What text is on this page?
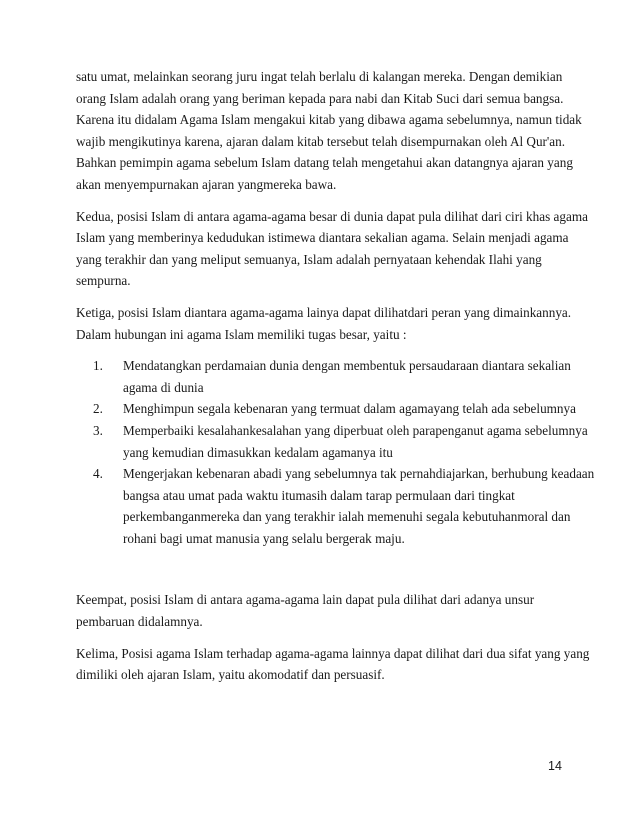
satu umat, melainkan seorang juru ingat telah berlalu di kalangan mereka. Dengan demikian
orang Islam adalah orang yang beriman kepada para nabi dan Kitab Suci dari semua bangsa.
Karena itu didalam Agama Islam mengakui kitab yang dibawa agama sebelumnya, namun tidak
wajib mengikutinya karena, ajaran dalam kitab tersebut telah disempurnakan oleh Al Qur'an.
Bahkan pemimpin agama sebelum Islam datang telah mengetahui akan datangnya ajaran yang
akan menyempurnakan ajaran yangmereka bawa.

Kedua, posisi Islam di antara agama-agama besar di dunia dapat pula dilihat dari ciri khas agama
Islam yang memberinya kedudukan istimewa diantara sekalian agama. Selain menjadi agama
yang terakhir dan yang meliput semuanya, Islam adalah pernyataan kehendak Ilahi yang
sempurna.

Ketiga, posisi Islam diantara agama-agama lainya dapat dilihatdari peran yang dimainkannya.
Dalam hubungan ini agama Islam memiliki tugas besar, yaitu :

1. Mendatangkan perdamaian dunia dengan membentuk persaudaraan diantara sekalian
agama di dunia
2. Menghimpun segala kebenaran yang termuat dalam agamayang telah ada sebelumnya
3. Memperbaiki kesalahankesalahan yang diperbuat oleh parapenganut agama sebelumnya
yang kemudian dimasukkan kedalam agamanya itu
4. Mengerjakan kebenaran abadi yang sebelumnya tak pernahdiajarkan, berhubung keadaan
bangsa atau umat pada waktu itumasih dalam tarap permulaan dari tingkat
perkembanganmereka dan yang terakhir ialah memenuhi segala kebutuhanmoral dan
rohani bagi umat manusia yang selalu bergerak maju.

Keempat, posisi Islam di antara agama-agama lain dapat pula dilihat dari adanya unsur
pembaruan didalamnya.

Kelima, Posisi agama Islam terhadap agama-agama lainnya dapat dilihat dari dua sifat yang yang
dimiliki oleh ajaran Islam, yaitu akomodatif dan persuasif.

14
